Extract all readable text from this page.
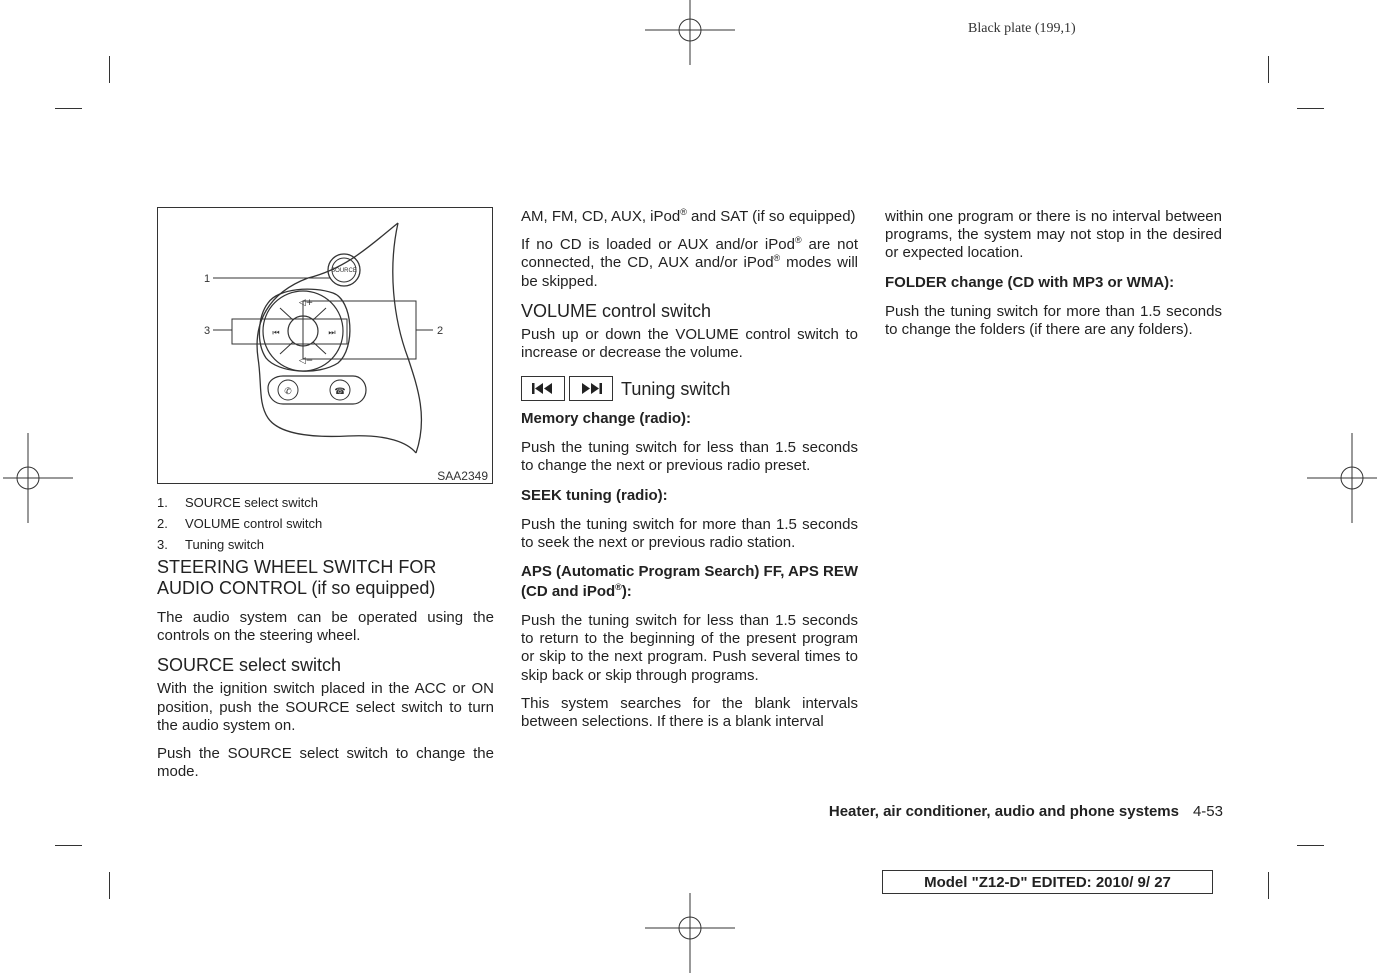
Black plate (199,1)
SOURCE
◁+
◁−
⏮	⏭
✆	☎
1
2
3
SAA2349
1. SOURCE select switch
2. VOLUME control switch
3. Tuning switch
STEERING WHEEL SWITCH FOR AUDIO CONTROL (if so equipped)

The audio system can be operated using the controls on the steering wheel.

SOURCE select switch

With the ignition switch placed in the ACC or ON position, push the SOURCE select switch to turn the audio system on.

Push the SOURCE select switch to change the mode.

AM, FM, CD, AUX, iPod® and SAT (if so equipped)

If no CD is loaded or AUX and/or iPod® are not connected, the CD, AUX and/or iPod® modes will be skipped.

VOLUME control switch

Push up or down the VOLUME control switch to increase or decrease the volume.

Tuning switch
Memory change (radio):

Push the tuning switch for less than 1.5 seconds to change the next or previous radio preset.

SEEK tuning (radio):

Push the tuning switch for more than 1.5 seconds to seek the next or previous radio station.

APS (Automatic Program Search) FF, APS REW (CD and iPod®):

Push the tuning switch for less than 1.5 seconds to return to the beginning of the present program or skip to the next program. Push several times to skip back or skip through programs.

This system searches for the blank intervals between selections. If there is a blank interval

within one program or there is no interval between programs, the system may not stop in the desired or expected location.

FOLDER change (CD with MP3 or WMA):

Push the tuning switch for more than 1.5 seconds to change the folders (if there are any folders).

Heater, air conditioner, audio and phone systems 4-53
Model "Z12-D" EDITED: 2010/ 9/ 27
